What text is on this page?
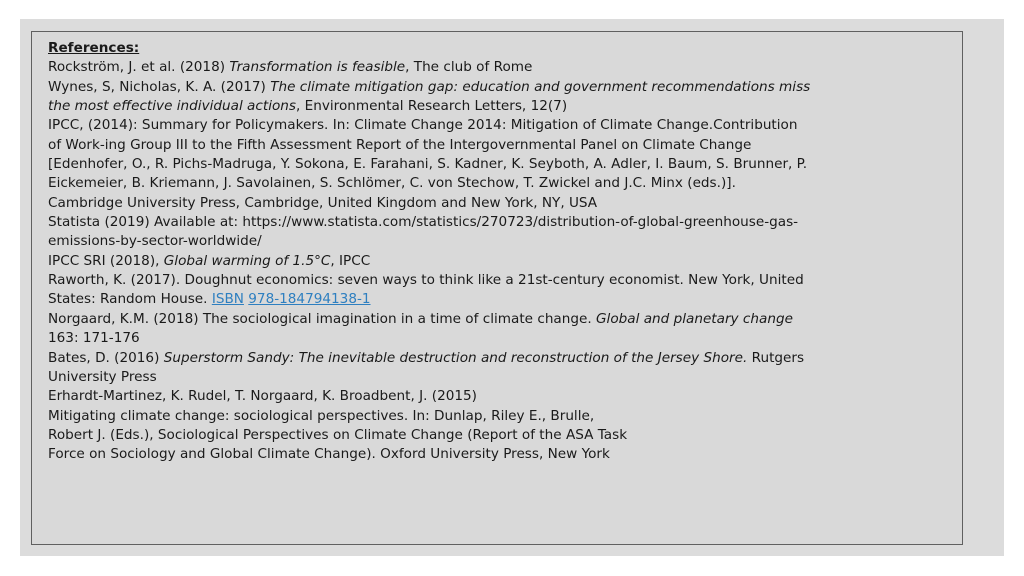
References:
Rockström, J. et al. (2018) Transformation is feasible, The club of Rome
Wynes, S, Nicholas, K. A. (2017) The climate mitigation gap: education and government recommendations miss
the most effective individual actions, Environmental Research Letters, 12(7)
IPCC, (2014): Summary for Policymakers. In: Climate Change 2014: Mitigation of Climate Change.Contribution
of Work-ing Group III to the Fifth Assessment Report of the Intergovernmental Panel on Climate Change
[Edenhofer, O., R. Pichs-Madruga, Y. Sokona, E. Farahani, S. Kadner, K. Seyboth, A. Adler, I. Baum, S. Brunner, P.
Eickemeier, B. Kriemann, J. Savolainen, S. Schlömer, C. von Stechow, T. Zwickel and J.C. Minx (eds.)].
Cambridge University Press, Cambridge, United Kingdom and New York, NY, USA
Statista (2019) Available at: https://www.statista.com/statistics/270723/distribution-of-global-greenhouse-gas-
emissions-by-sector-worldwide/
IPCC SRI (2018), Global warming of 1.5°C, IPCC
Raworth, K. (2017). Doughnut economics: seven ways to think like a 21st-century economist. New York, United
States: Random House. ISBN 978-184794138-1
Norgaard, K.M. (2018) The sociological imagination in a time of climate change. Global and planetary change
163: 171-176
Bates, D. (2016) Superstorm Sandy: The inevitable destruction and reconstruction of the Jersey Shore. Rutgers
University Press
Erhardt-Martinez, K. Rudel, T. Norgaard, K. Broadbent, J. (2015)
Mitigating climate change: sociological perspectives. In: Dunlap, Riley E., Brulle,
Robert J. (Eds.), Sociological Perspectives on Climate Change (Report of the ASA Task
Force on Sociology and Global Climate Change). Oxford University Press, New York
